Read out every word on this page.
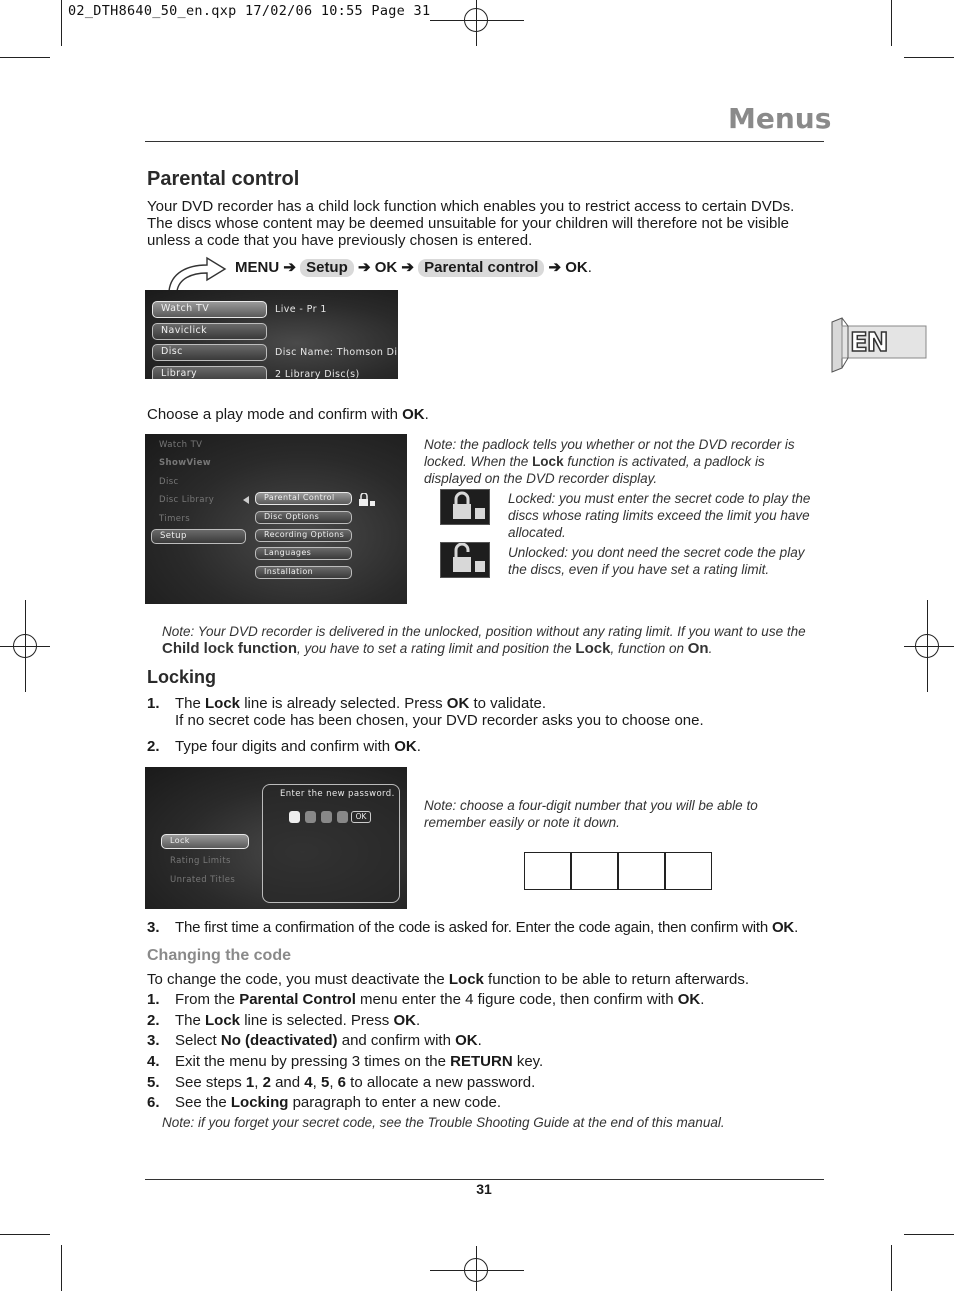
02_DTH8640_50_en.qxp 17/02/06 10:55 Page 31
Menus
EN
Parental control
Your DVD recorder has a child lock function which enables you to restrict access to certain DVDs.
The discs whose content may be deemed unsuitable for your children will therefore not be visible
unless a code that you have previously chosen is entered.
MENU ➔ Setup ➔ OK ➔ Parental control ➔ OK.
Watch TV
Naviclick
Disc
Library
Live - Pr 1
Disc Name: Thomson Di
2 Library Disc(s)
Choose a play mode and confirm with OK.
Watch TV
ShowView
Disc
Disc Library
Timers
Setup
Parental Control
Disc Options
Recording Options
Languages
Installation
Note: the padlock tells you whether or not the DVD recorder is
locked. When the Lock function is activated, a padlock is
displayed on the DVD recorder display.
Locked: you must enter the secret code to play the
discs whose rating limits exceed the limit you have
allocated.
Unlocked: you dont need the secret code the play
the discs, even if you have set a rating limit.
Note: Your DVD recorder is delivered in the unlocked, position without any rating limit. If you want to use the
Child lock function, you have to set a rating limit and position the Lock, function on On.
Locking
1. The Lock line is already selected. Press OK to validate.
If no secret code has been chosen, your DVD recorder asks you to choose one.
2. Type four digits and confirm with OK.
Enter the new password.
OK
Lock
Rating Limits
Unrated Titles
Note: choose a four-digit number that you will be able to
remember easily or note it down.
3. The first time a confirmation of the code is asked for. Enter the code again, then confirm with OK.
Changing the code
To change the code, you must deactivate the Lock function to be able to return afterwards.
1. From the Parental Control menu enter the 4 figure code, then confirm with OK.
2. The Lock line is selected. Press OK.
3. Select No (deactivated) and confirm with OK.
4. Exit the menu by pressing 3 times on the RETURN key.
5. See steps 1, 2 and 4, 5, 6 to allocate a new password.
6. See the Locking paragraph to enter a new code.
Note: if you forget your secret code, see the Trouble Shooting Guide at the end of this manual.
31
